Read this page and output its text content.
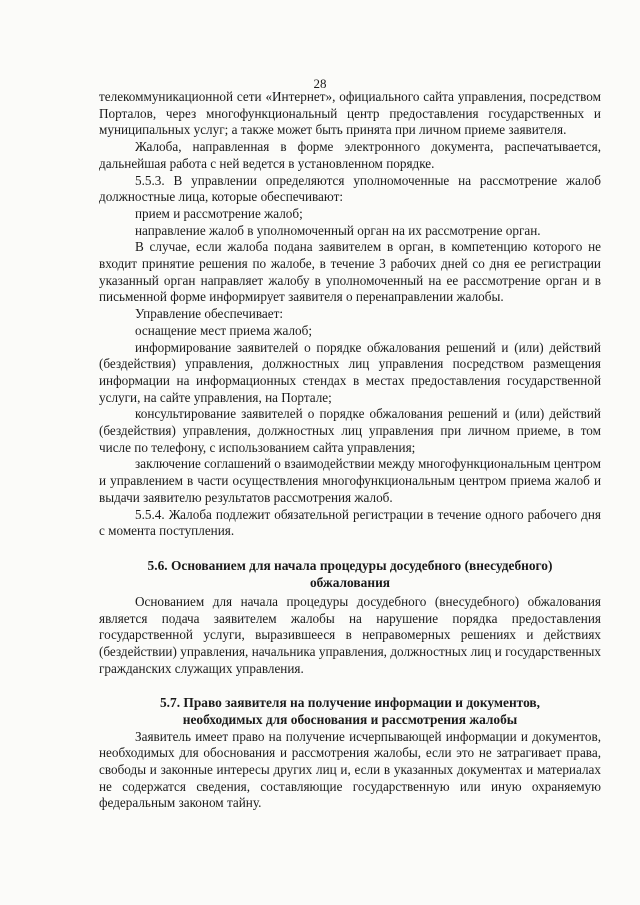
28

телекоммуникационной сети «Интернет», официального сайта управления, посредством Порталов, через многофункциональный центр предоставления государственных и муниципальных услуг; а также может быть принята при личном приеме заявителя.

Жалоба, направленная в форме электронного документа, распечатывается, дальнейшая работа с ней ведется в установленном порядке.

5.5.3. В управлении определяются уполномоченные на рассмотрение жалоб должностные лица, которые обеспечивают:

прием и рассмотрение жалоб;

направление жалоб в уполномоченный орган на их рассмотрение орган.

В случае, если жалоба подана заявителем в орган, в компетенцию которого не входит принятие решения по жалобе, в течение 3 рабочих дней со дня ее регистрации указанный орган направляет жалобу в уполномоченный на ее рассмотрение орган и в письменной форме информирует заявителя о перенаправлении жалобы.

Управление обеспечивает:

оснащение мест приема жалоб;

информирование заявителей о порядке обжалования решений и (или) действий (бездействия) управления, должностных лиц управления посредством размещения информации на информационных стендах в местах предоставления государственной услуги, на сайте управления, на Портале;

консультирование заявителей о порядке обжалования решений и (или) действий (бездействия) управления, должностных лиц управления при личном приеме, в том числе по телефону, с использованием сайта управления;

заключение соглашений о взаимодействии между многофункциональным центром и управлением в части осуществления многофункциональным центром приема жалоб и выдачи заявителю результатов рассмотрения жалоб.

5.5.4. Жалоба подлежит обязательной регистрации в течение одного рабочего дня с момента поступления.

5.6. Основанием для начала процедуры досудебного (внесудебного)
обжалования

Основанием для начала процедуры досудебного (внесудебного) обжалования является подача заявителем жалобы на нарушение порядка предоставления государственной услуги, выразившееся в неправомерных решениях и действиях (бездействии) управления, начальника управления, должностных лиц и государственных гражданских служащих управления.

5.7. Право заявителя на получение информации и документов,
необходимых для обоснования и рассмотрения жалобы

Заявитель имеет право на получение исчерпывающей информации и документов, необходимых для обоснования и рассмотрения жалобы, если это не затрагивает права, свободы и законные интересы других лиц и, если в указанных документах и материалах не содержатся сведения, составляющие государственную или иную охраняемую федеральным законом тайну.
